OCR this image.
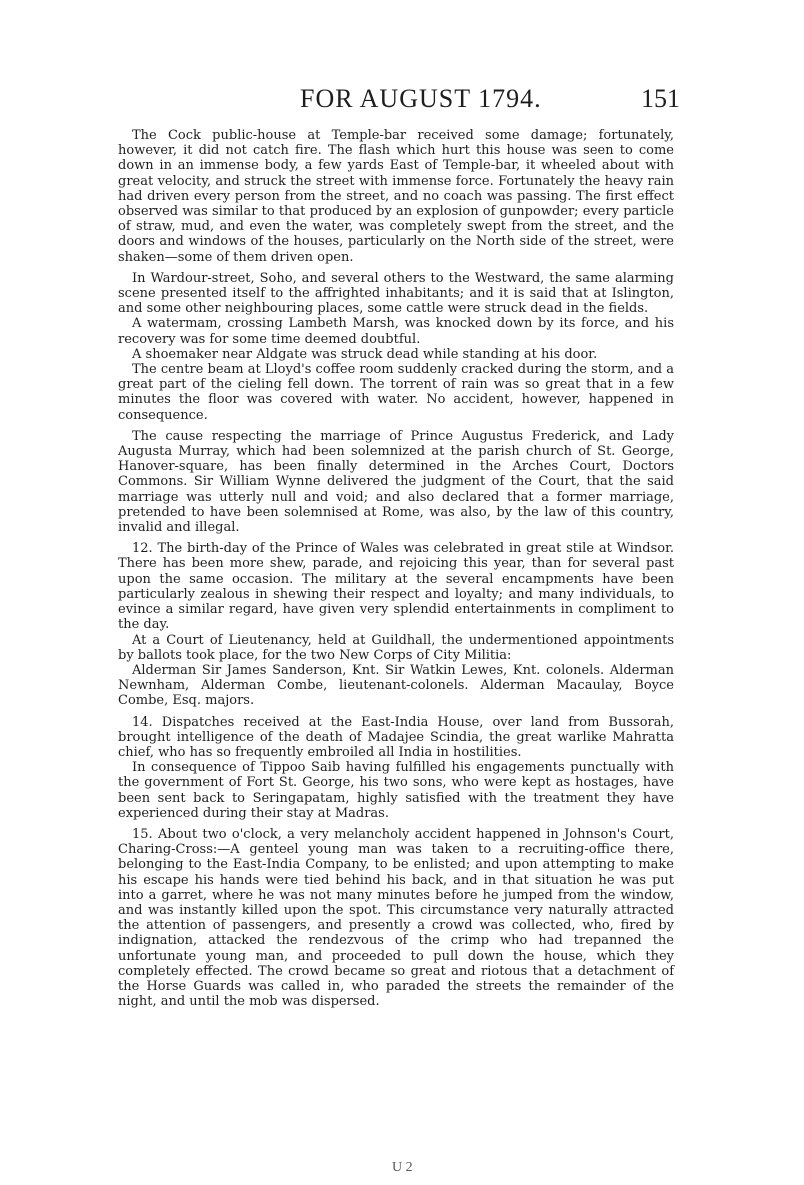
FOR AUGUST 1794.	151

The Cock public-house at Temple-bar received some damage; fortunately, however, it did not catch fire. The flash which hurt this house was seen to come down in an immense body, a few yards East of Temple-bar, it wheeled about with great velocity, and struck the street with immense force. Fortunately the heavy rain had driven every person from the street, and no coach was passing. The first effect observed was similar to that produced by an explosion of gunpowder; every particle of straw, mud, and even the water, was completely swept from the street, and the doors and windows of the houses, particularly on the North side of the street, were shaken—some of them driven open.

In Wardour-street, Soho, and several others to the Westward, the same alarming scene presented itself to the affrighted inhabitants; and it is said that at Islington, and some other neighbouring places, some cattle were struck dead in the fields.

A watermam, crossing Lambeth Marsh, was knocked down by its force, and his recovery was for some time deemed doubtful.

A shoemaker near Aldgate was struck dead while standing at his door.

The centre beam at Lloyd's coffee room suddenly cracked during the storm, and a great part of the cieling fell down. The torrent of rain was so great that in a few minutes the floor was covered with water. No accident, however, happened in consequence.

The cause respecting the marriage of Prince Augustus Frederick, and Lady Augusta Murray, which had been solemnized at the parish church of St. George, Hanover-square, has been finally determined in the Arches Court, Doctors Commons. Sir William Wynne delivered the judgment of the Court, that the said marriage was utterly null and void; and also declared that a former marriage, pretended to have been solemnised at Rome, was also, by the law of this country, invalid and illegal.

12. The birth-day of the Prince of Wales was celebrated in great stile at Windsor. There has been more shew, parade, and rejoicing this year, than for several past upon the same occasion. The military at the several encampments have been particularly zealous in shewing their respect and loyalty; and many individuals, to evince a similar regard, have given very splendid entertainments in compliment to the day.

At a Court of Lieutenancy, held at Guildhall, the undermentioned appointments by ballots took place, for the two New Corps of City Militia:

Alderman Sir James Sanderson, Knt. Sir Watkin Lewes, Knt. colonels. Alderman Newnham, Alderman Combe, lieutenant-colonels. Alderman Macaulay, Boyce Combe, Esq. majors.

14. Dispatches received at the East-India House, over land from Bussorah, brought intelligence of the death of Madajee Scindia, the great warlike Mahratta chief, who has so frequently embroiled all India in hostilities.

In consequence of Tippoo Saib having fulfilled his engagements punctually with the government of Fort St. George, his two sons, who were kept as hostages, have been sent back to Seringapatam, highly satisfied with the treatment they have experienced during their stay at Madras.

15. About two o'clock, a very melancholy accident happened in Johnson's Court, Charing-Cross:—A genteel young man was taken to a recruiting-office there, belonging to the East-India Company, to be enlisted; and upon attempting to make his escape his hands were tied behind his back, and in that situation he was put into a garret, where he was not many minutes before he jumped from the window, and was instantly killed upon the spot. This circumstance very naturally attracted the attention of passengers, and presently a crowd was collected, who, fired by indignation, attacked the rendezvous of the crimp who had trepanned the unfortunate young man, and proceeded to pull down the house, which they completely effected. The crowd became so great and riotous that a detachment of the Horse Guards was called in, who paraded the streets the remainder of the night, and until the mob was dispersed.

U 2
